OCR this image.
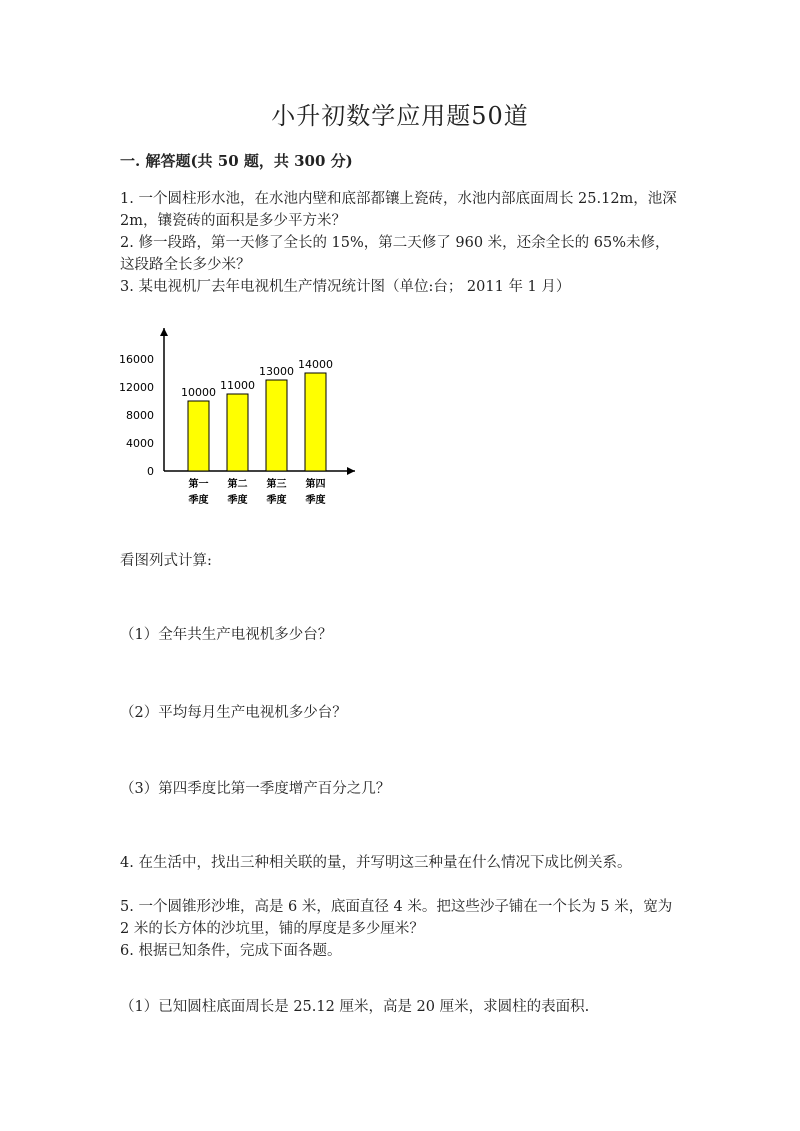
小升初数学应用题50道
一. 解答题(共 50 题，共 300 分)

1. 一个圆柱形水池，在水池内壁和底部都镶上瓷砖，水池内部底面周长 25.12m，池深 2m，镶瓷砖的面积是多少平方米？

2. 修一段路，第一天修了全长的 15%，第二天修了 960 米，还余全长的 65%未修，这段路全长多少米？

3. 某电视机厂去年电视机生产情况统计图（单位:台； 2011 年 1 月）

0
4000
8000
12000
16000
10000
第一
季度
11000
第二
季度
13000
第三
季度
14000
第四
季度

看图列式计算:

（1）全年共生产电视机多少台？

（2）平均每月生产电视机多少台？

（3）第四季度比第一季度增产百分之几？

4. 在生活中，找出三种相关联的量，并写明这三种量在什么情况下成比例关系。

5. 一个圆锥形沙堆，高是 6 米，底面直径 4 米。把这些沙子铺在一个长为 5 米，宽为 2 米的长方体的沙坑里，铺的厚度是多少厘米？

6. 根据已知条件，完成下面各题。

（1）已知圆柱底面周长是 25.12 厘米，高是 20 厘米，求圆柱的表面积.
